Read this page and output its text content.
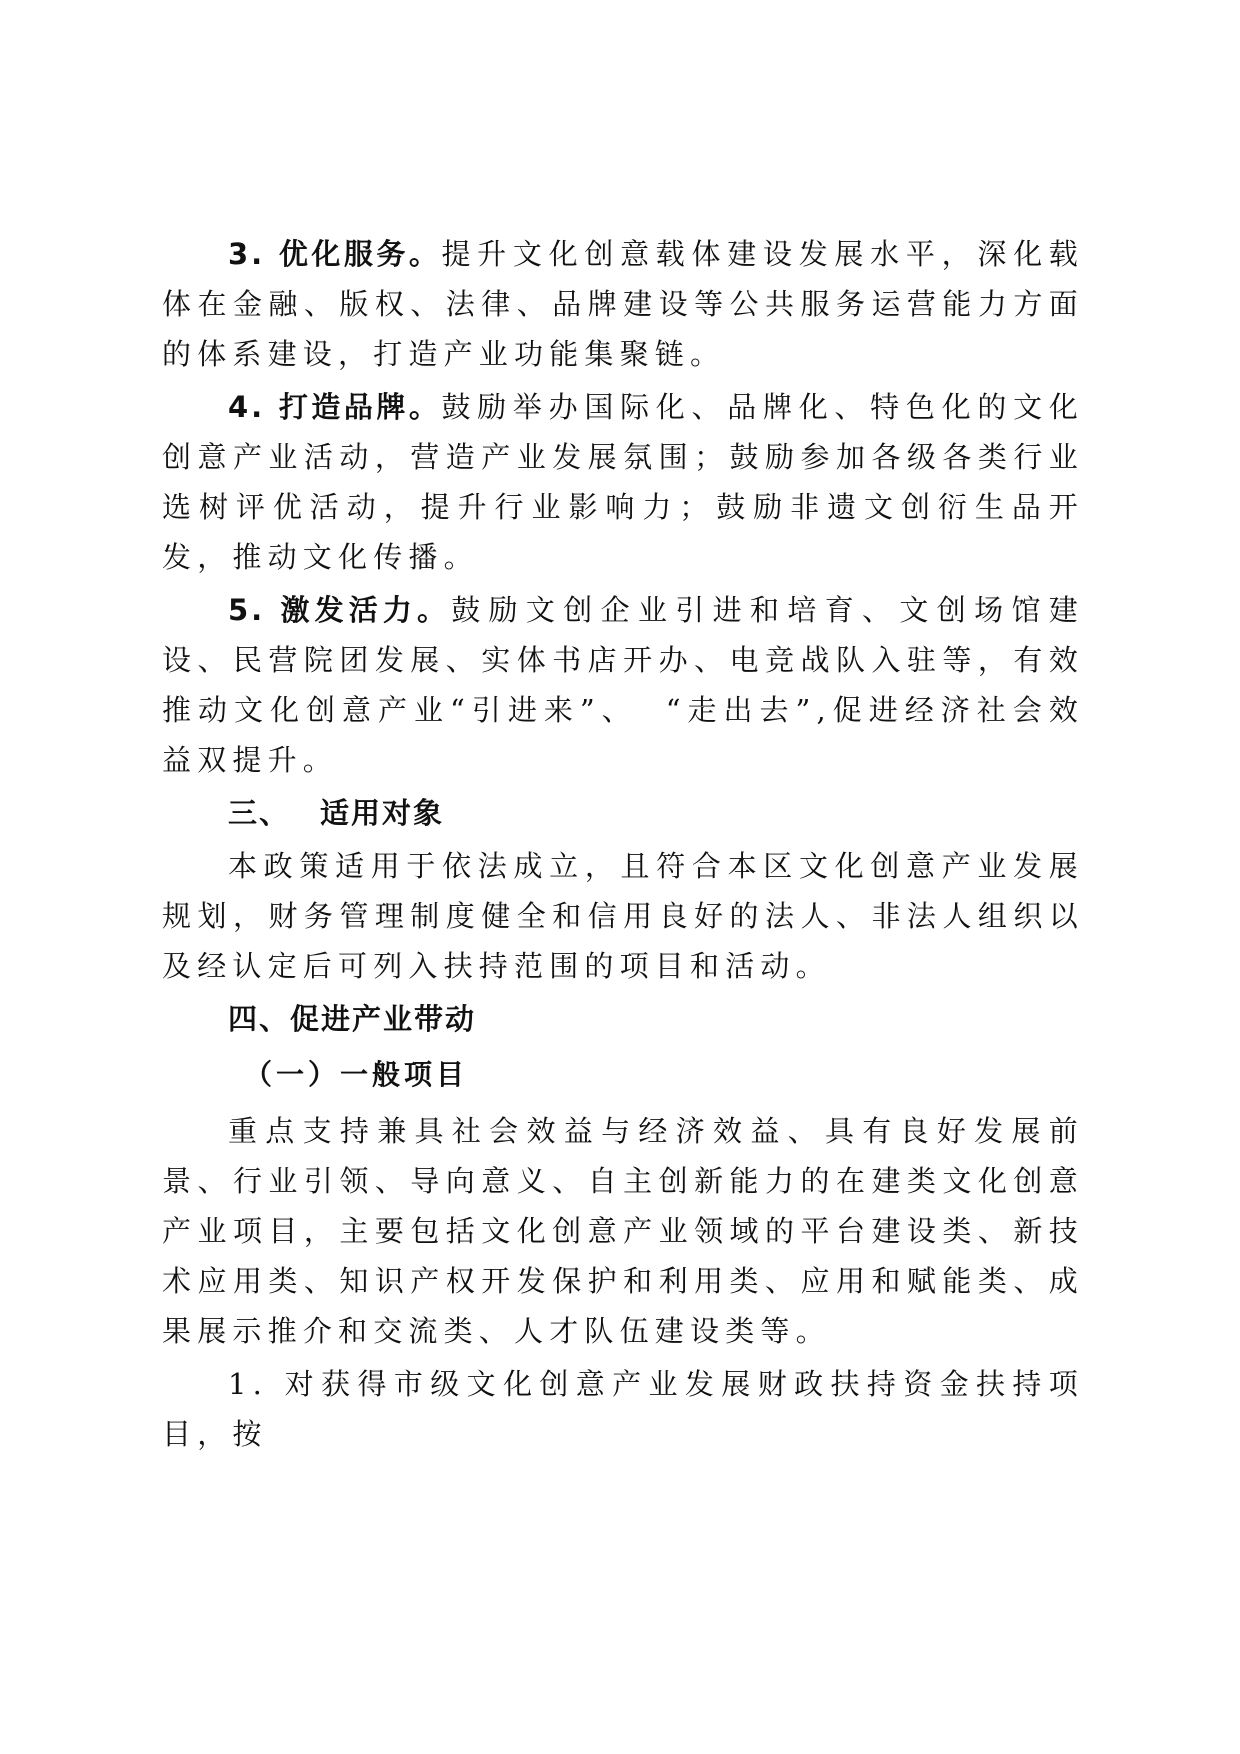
3. 优化服务。提升文化创意载体建设发展水平，深化载体在金融、版权、法律、品牌建设等公共服务运营能力方面的体系建设，打造产业功能集聚链。

4. 打造品牌。鼓励举办国际化、品牌化、特色化的文化创意产业活动，营造产业发展氛围；鼓励参加各级各类行业选树评优活动，提升行业影响力；鼓励非遗文创衍生品开发，推动文化传播。

5. 激发活力。鼓励文创企业引进和培育、文创场馆建设、民营院团发展、实体书店开办、电竞战队入驻等，有效推动文化创意产业“引进来”、 “走出去”,促进经济社会效益双提升。

三、 适用对象

本政策适用于依法成立，且符合本区文化创意产业发展规划，财务管理制度健全和信用良好的法人、非法人组织以及经认定后可列入扶持范围的项目和活动。

四、促进产业带动

（一）一般项目

重点支持兼具社会效益与经济效益、具有良好发展前景、行业引领、导向意义、自主创新能力的在建类文化创意产业项目，主要包括文化创意产业领域的平台建设类、新技术应用类、知识产权开发保护和利用类、应用和赋能类、成果展示推介和交流类、人才队伍建设类等。

1. 对获得市级文化创意产业发展财政扶持资金扶持项目，按
